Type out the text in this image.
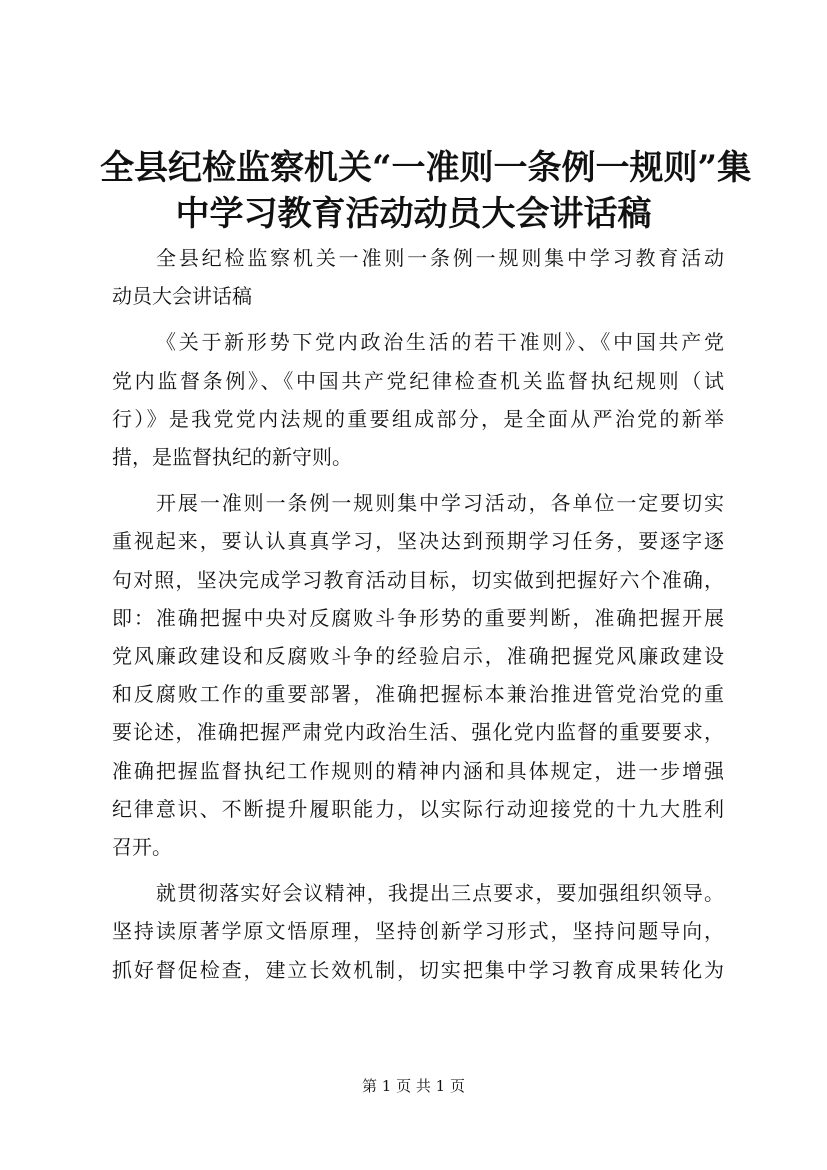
全县纪检监察机关“一准则一条例一规则”集
中学习教育活动动员大会讲话稿

全县纪检监察机关一准则一条例一规则集中学习教育活动
动员大会讲话稿

《关于新形势下党内政治生活的若干准则》、《中国共产党
党内监督条例》、《中国共产党纪律检查机关监督执纪规则（试
行）》是我党党内法规的重要组成部分，是全面从严治党的新举
措，是监督执纪的新守则。

开展一准则一条例一规则集中学习活动，各单位一定要切实
重视起来，要认认真真学习，坚决达到预期学习任务，要逐字逐
句对照，坚决完成学习教育活动目标，切实做到把握好六个准确，
即：准确把握中央对反腐败斗争形势的重要判断，准确把握开展
党风廉政建设和反腐败斗争的经验启示，准确把握党风廉政建设
和反腐败工作的重要部署，准确把握标本兼治推进管党治党的重
要论述，准确把握严肃党内政治生活、强化党内监督的重要要求，
准确把握监督执纪工作规则的精神内涵和具体规定，进一步增强
纪律意识、不断提升履职能力，以实际行动迎接党的十九大胜利
召开。

就贯彻落实好会议精神，我提出三点要求，要加强组织领导。
坚持读原著学原文悟原理，坚持创新学习形式，坚持问题导向，
抓好督促检查，建立长效机制，切实把集中学习教育成果转化为

第 1 页 共 1 页
